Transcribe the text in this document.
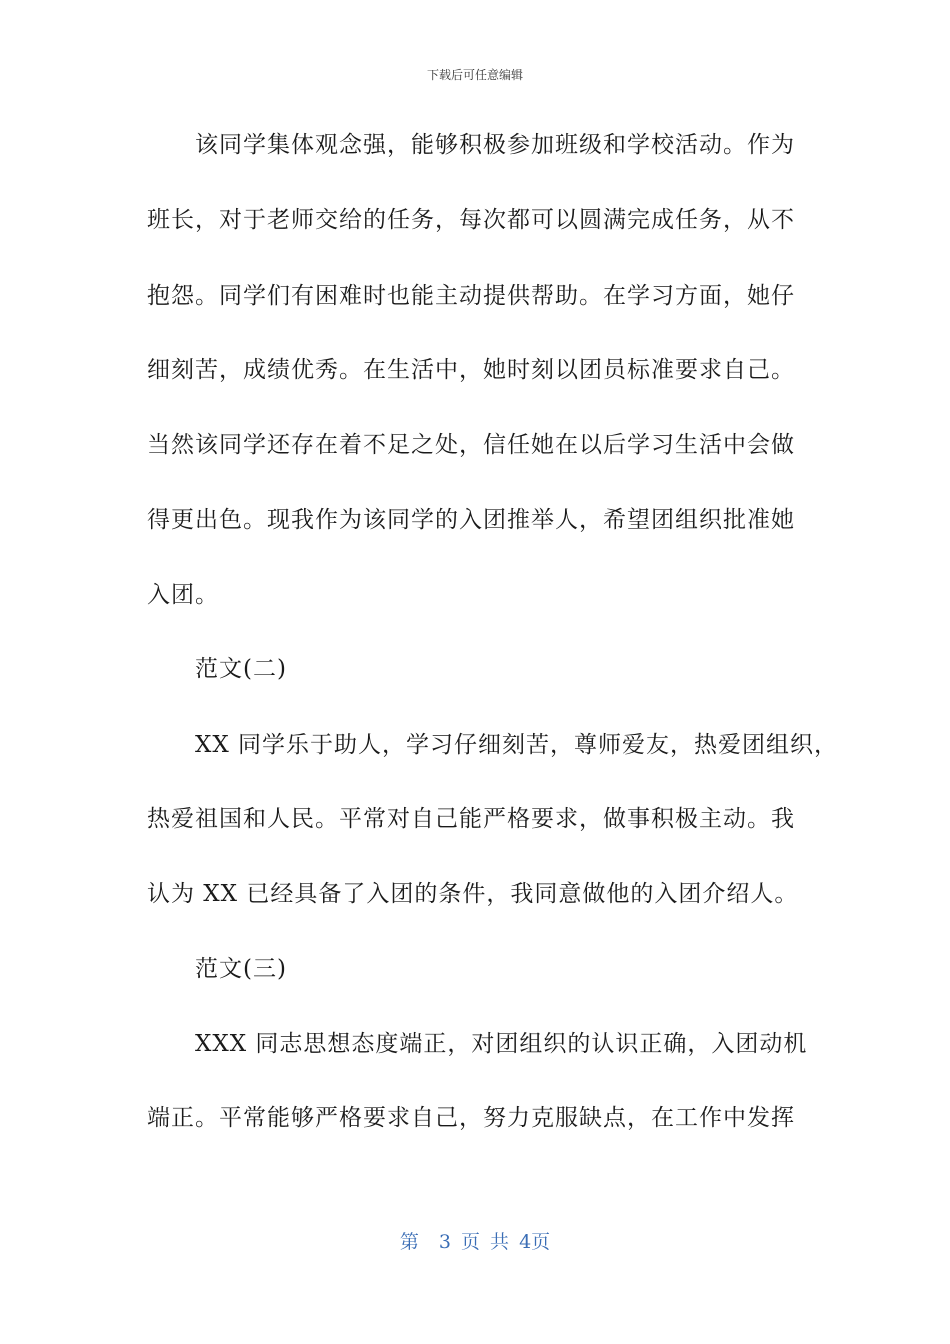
下载后可任意编辑
　　该同学集体观念强，能够积极参加班级和学校活动。作为
班长，对于老师交给的任务，每次都可以圆满完成任务，从不
抱怨。同学们有困难时也能主动提供帮助。在学习方面，她仔
细刻苦，成绩优秀。在生活中，她时刻以团员标准要求自己。
当然该同学还存在着不足之处，信任她在以后学习生活中会做
得更出色。现我作为该同学的入团推举人，希望团组织批准她
入团。
　　范文(二)
　　XX 同学乐于助人，学习仔细刻苦，尊师爱友，热爱团组织，
热爱祖国和人民。平常对自己能严格要求，做事积极主动。我
认为 XX 已经具备了入团的条件，我同意做他的入团介绍人。
　　范文(三)
　　XXX 同志思想态度端正，对团组织的认识正确，入团动机
端正。平常能够严格要求自己，努力克服缺点，在工作中发挥
第  3 页 共 4页
